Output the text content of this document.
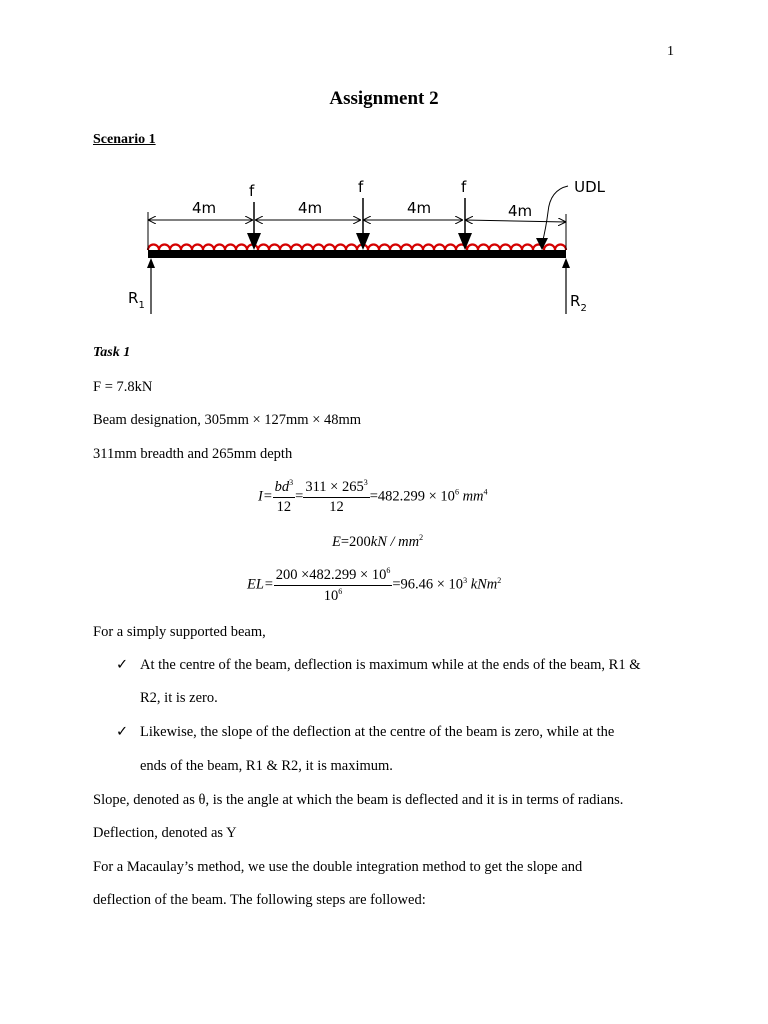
1
Assignment 2
Scenario 1
4m	4m	4m	4m
f	f	f	UDL
$R_1$	$R_2$
Task 1
F = 7.8kN
Beam designation, 305mm × 127mm × 48mm
311mm breadth and 265mm depth
$I= \frac{bd^3}{12} = \frac{311 \times 265^3}{12} =482.299 \times 10^6$ $mm^4$
$E=200kN / mm^2$
$EL= \frac{200 \times 482.299 \times 10^6}{10^6} =96.46 \times 10^3$ kNm$^2$
For a simply supported beam,
✓ At the centre of the beam, deflection is maximum while at the ends of the beam, R1 &
R2, it is zero.
✓ Likewise, the slope of the deflection at the centre of the beam is zero, while at the
ends of the beam, R1 & R2, it is maximum.
Slope, denoted as θ, is the angle at which the beam is deflected and it is in terms of radians.
Deflection, denoted as Y
For a Macaulay’s method, we use the double integration method to get the slope and
deflection of the beam. The following steps are followed:
